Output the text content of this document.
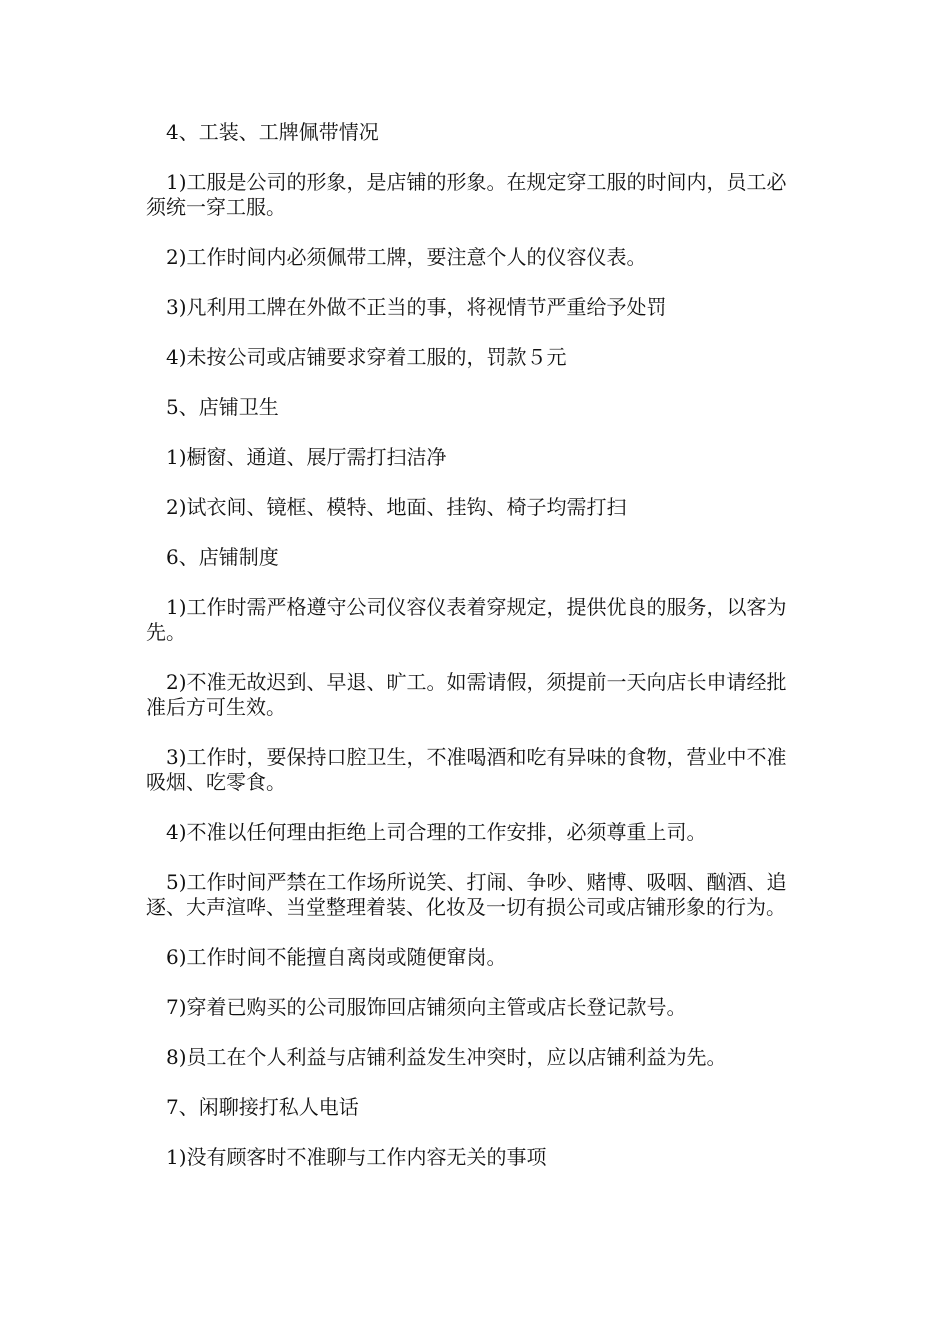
4、工装、工牌佩带情况

1)工服是公司的形象，是店铺的形象。在规定穿工服的时间内，员工必须统一穿工服。

2)工作时间内必须佩带工牌，要注意个人的仪容仪表。

3)凡利用工牌在外做不正当的事，将视情节严重给予处罚

4)未按公司或店铺要求穿着工服的，罚款５元

5、店铺卫生

1)橱窗、通道、展厅需打扫洁净

2)试衣间、镜框、模特、地面、挂钩、椅子均需打扫

6、店铺制度

1)工作时需严格遵守公司仪容仪表着穿规定，提供优良的服务，以客为先。

2)不准无故迟到、早退、旷工。如需请假，须提前一天向店长申请经批准后方可生效。

3)工作时，要保持口腔卫生，不准喝酒和吃有异味的食物，营业中不准吸烟、吃零食。

4)不准以任何理由拒绝上司合理的工作安排，必须尊重上司。

5)工作时间严禁在工作场所说笑、打闹、争吵、赌博、吸咽、酗酒、追逐、大声渲哗、当堂整理着装、化妆及一切有损公司或店铺形象的行为。

6)工作时间不能擅自离岗或随便窜岗。

7)穿着已购买的公司服饰回店铺须向主管或店长登记款号。

8)员工在个人利益与店铺利益发生冲突时，应以店铺利益为先。

7、闲聊接打私人电话

1)没有顾客时不准聊与工作内容无关的事项
